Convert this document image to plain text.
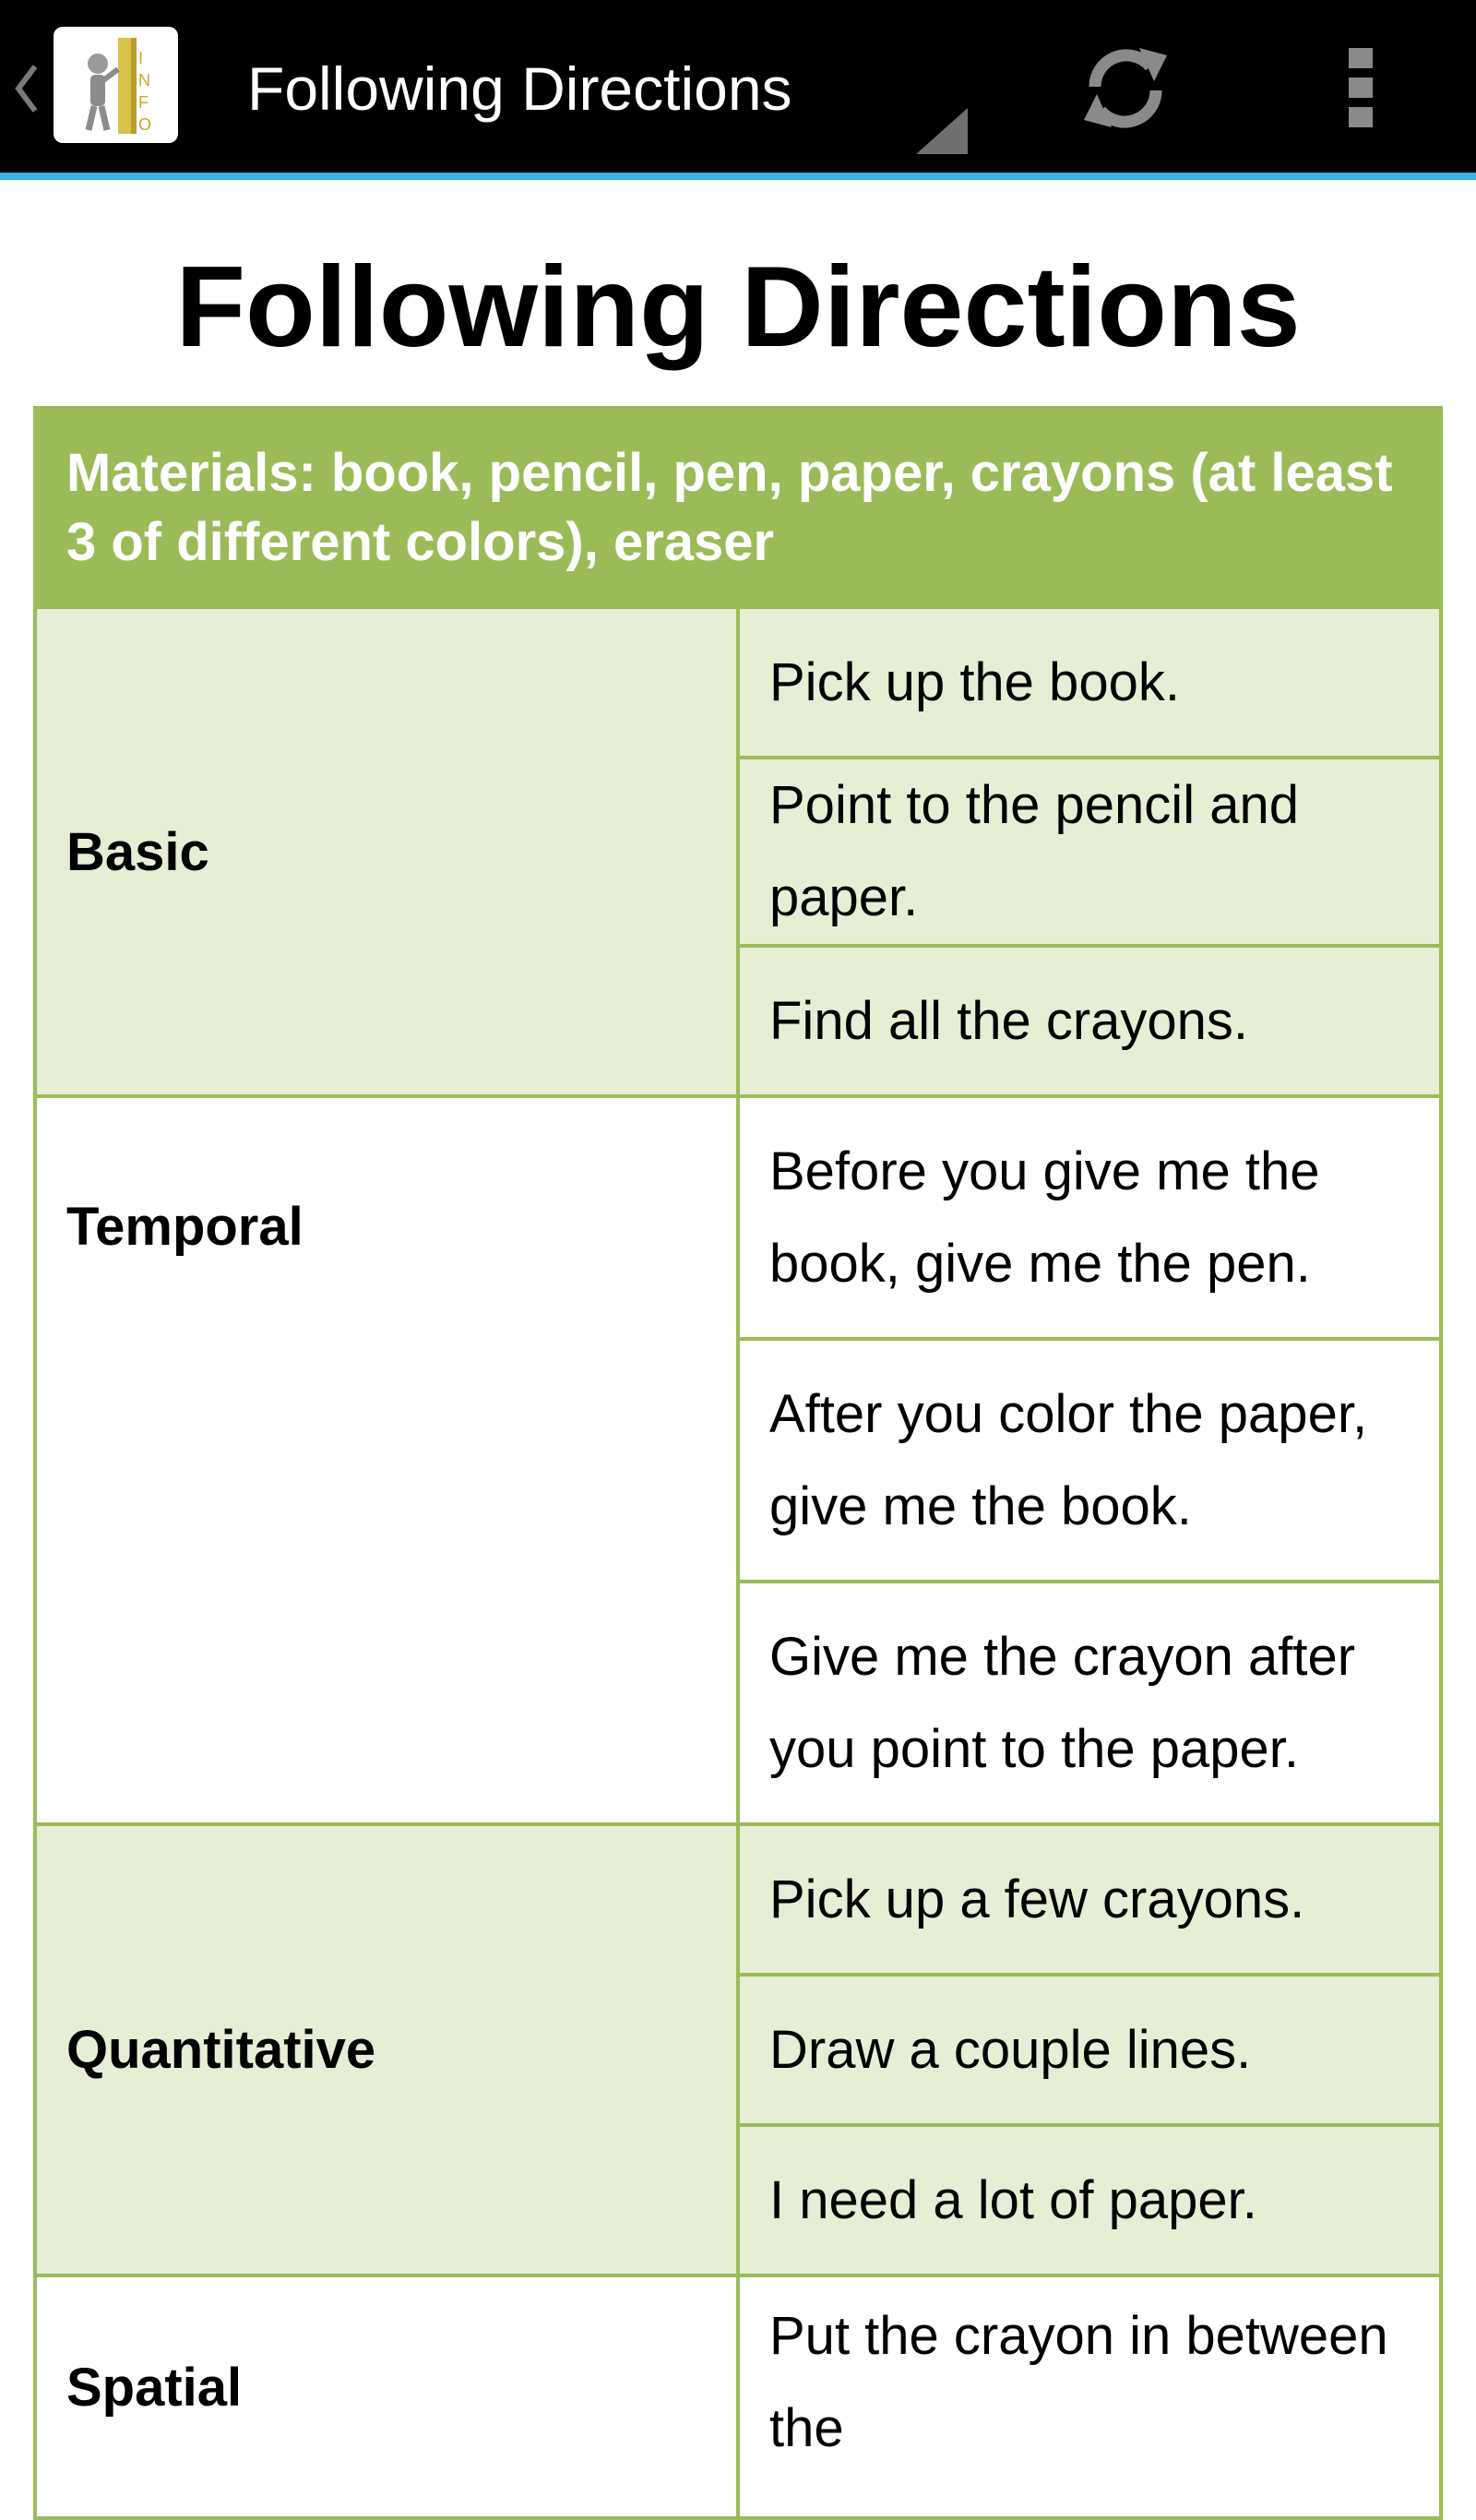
I
N
F
O
Following Directions
Following Directions
Materials: book, pencil, pen, paper, crayons (at least 3 of different colors), eraser	
Basic	Pick up the book.
	Point to the pencil and paper.
	Find all the crayons.
Temporal	Before you give me the book, give me the pen.
	After you color the paper, give me the book.
	Give me the crayon after you point to the paper.
Quantitative	Pick up a few crayons.
	Draw a couple lines.
	I need a lot of paper.
Spatial	Put the crayon in between the
